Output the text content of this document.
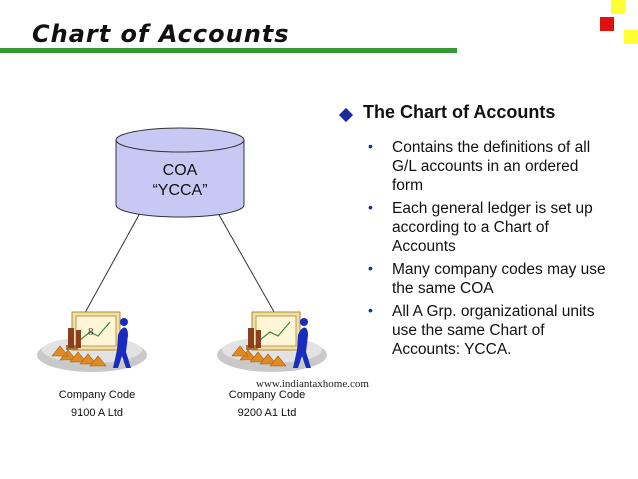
Chart of Accounts
8
COA
“YCCA”
Company Code
9100 A Ltd
Company Code
9200 A1 Ltd
www.indiantaxhome.com
The Chart of Accounts
• Contains the definitions of all G/L accounts in an ordered form
• Each general ledger is set up according to a Chart of Accounts
• Many company codes may use the same COA
• All A Grp. organizational units use the same Chart of Accounts: YCCA.
